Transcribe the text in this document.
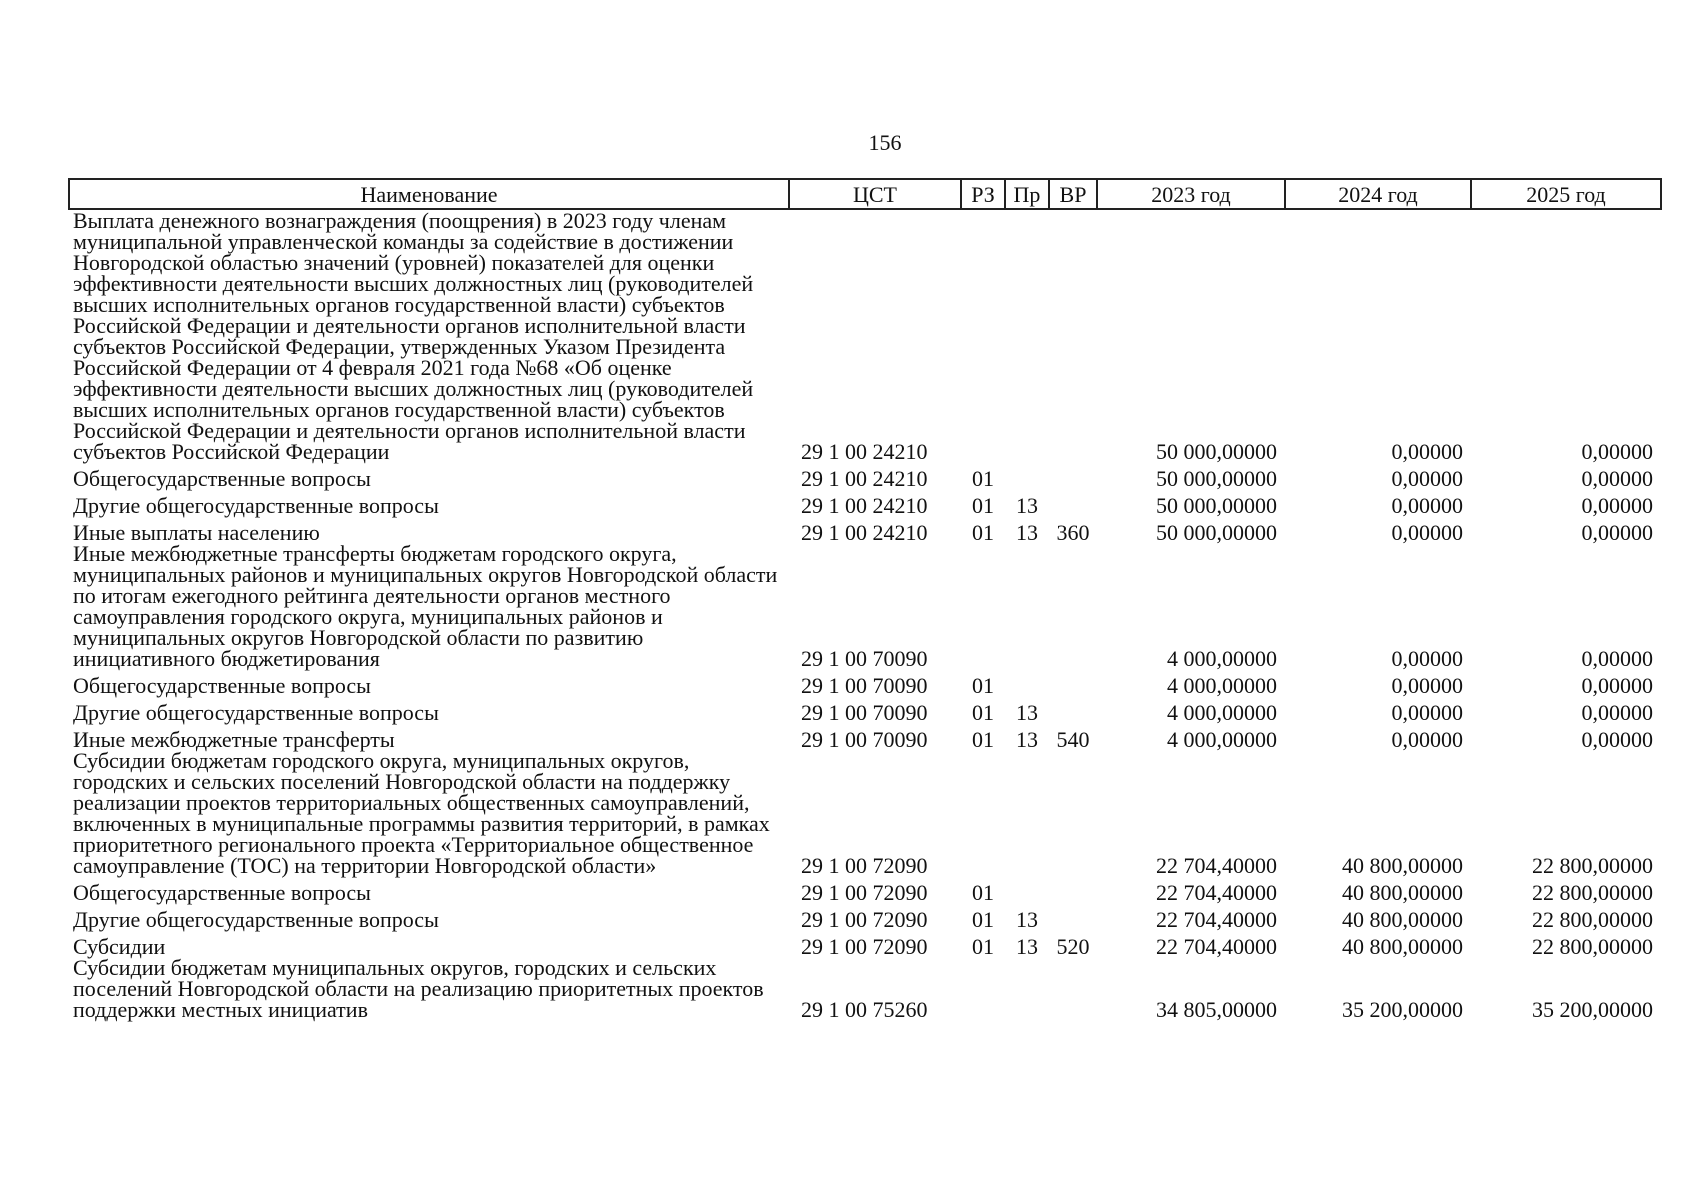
156
Наименование	ЦСТ	РЗ	Пр	ВР	2023 год	2024 год	2025 год
Выплата денежного вознаграждения (поощрения) в 2023 году членам муниципальной управленческой команды за содействие в достижении Новгородской областью значений (уровней) показателей для оценки эффективности деятельности высших должностных лиц (руководителей высших исполнительных органов государственной власти) субъектов Российской Федерации и деятельности органов исполнительной власти субъектов Российской Федерации, утвержденных Указом Президента Российской Федерации от 4 февраля 2021 года №68 «Об оценке эффективности деятельности высших должностных лиц (руководителей высших исполнительных органов государственной власти) субъектов Российской Федерации и деятельности органов исполнительной власти субъектов Российской Федерации	29 1 00 24210				50 000,00000	0,00000	0,00000
Общегосударственные вопросы	29 1 00 24210	01			50 000,00000	0,00000	0,00000
Другие общегосударственные вопросы	29 1 00 24210	01	13		50 000,00000	0,00000	0,00000
Иные выплаты населению	29 1 00 24210	01	13	360	50 000,00000	0,00000	0,00000
Иные межбюджетные трансферты бюджетам городского округа, муниципальных районов и муниципальных округов Новгородской области по итогам ежегодного рейтинга деятельности органов местного самоуправления городского округа, муниципальных районов и муниципальных округов Новгородской области по развитию инициативного бюджетирования	29 1 00 70090				4 000,00000	0,00000	0,00000
Общегосударственные вопросы	29 1 00 70090	01			4 000,00000	0,00000	0,00000
Другие общегосударственные вопросы	29 1 00 70090	01	13		4 000,00000	0,00000	0,00000
Иные межбюджетные трансферты	29 1 00 70090	01	13	540	4 000,00000	0,00000	0,00000
Субсидии бюджетам городского округа, муниципальных округов, городских и сельских поселений Новгородской области на поддержку реализации проектов территориальных общественных самоуправлений, включенных в муниципальные программы развития территорий, в рамках приоритетного регионального проекта «Территориальное общественное самоуправление (ТОС) на территории Новгородской области»	29 1 00 72090				22 704,40000	40 800,00000	22 800,00000
Общегосударственные вопросы	29 1 00 72090	01			22 704,40000	40 800,00000	22 800,00000
Другие общегосударственные вопросы	29 1 00 72090	01	13		22 704,40000	40 800,00000	22 800,00000
Субсидии	29 1 00 72090	01	13	520	22 704,40000	40 800,00000	22 800,00000
Субсидии бюджетам муниципальных округов, городских и сельских поселений Новгородской области на реализацию приоритетных проектов поддержки местных инициатив	29 1 00 75260				34 805,00000	35 200,00000	35 200,00000
